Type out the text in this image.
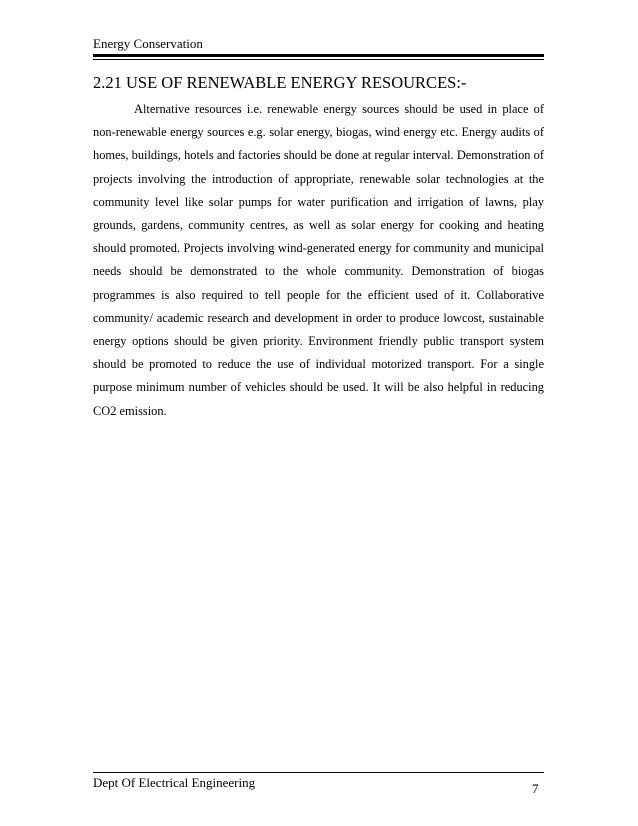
Energy Conservation
2.21 USE OF RENEWABLE ENERGY RESOURCES:-

Alternative resources i.e. renewable energy sources should be used in place of non-renewable energy sources e.g. solar energy, biogas, wind energy etc. Energy audits of homes, buildings, hotels and factories should be done at regular interval. Demonstration of projects involving the introduction of appropriate, renewable solar technologies at the community level like solar pumps for water purification and irrigation of lawns, play grounds, gardens, community centres, as well as solar energy for cooking and heating should promoted. Projects involving wind-generated energy for community and municipal needs should be demonstrated to the whole community. Demonstration of biogas programmes is also required to tell people for the efficient used of it. Collaborative community/ academic research and development in order to produce lowcost, sustainable energy options should be given priority. Environment friendly public transport system should be promoted to reduce the use of individual motorized transport. For a single purpose minimum number of vehicles should be used. It will be also helpful in reducing CO2 emission.

Dept Of Electrical Engineering	7
